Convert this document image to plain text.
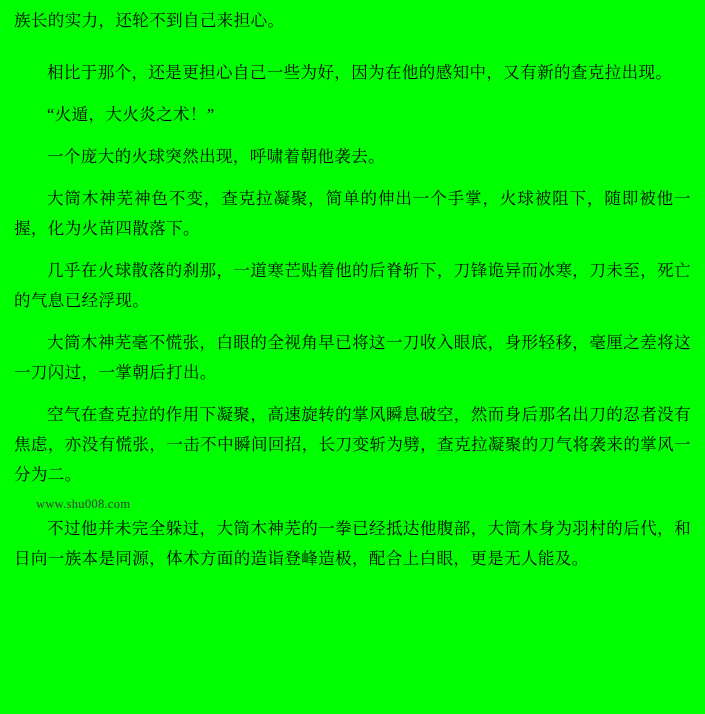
族长的实力，还轮不到自己来担心。

相比于那个，还是更担心自己一些为好，因为在他的感知中，又有新的查克拉出现。

“火遁，大火炎之术！”

一个庞大的火球突然出现，呼啸着朝他袭去。

大筒木神芜神色不变，查克拉凝聚，简单的伸出一个手掌，火球被阻下，随即被他一握，化为火苗四散落下。

几乎在火球散落的刹那，一道寒芒贴着他的后脊斩下，刀锋诡异而冰寒，刀未至，死亡的气息已经浮现。

大筒木神芜毫不慌张，白眼的全视角早已将这一刀收入眼底，身形轻移，毫厘之差将这一刀闪过，一掌朝后打出。

空气在查克拉的作用下凝聚，高速旋转的掌风瞬息破空，然而身后那名出刀的忍者没有焦虑，亦没有慌张，一击不中瞬间回招，长刀变斩为劈，查克拉凝聚的刀气将袭来的掌风一分为二。

www.shu008.com

不过他并未完全躲过，大筒木神芜的一拳已经抵达他腹部，大筒木身为羽村的后代，和日向一族本是同源，体术方面的造诣登峰造极，配合上白眼，更是无人能及。
